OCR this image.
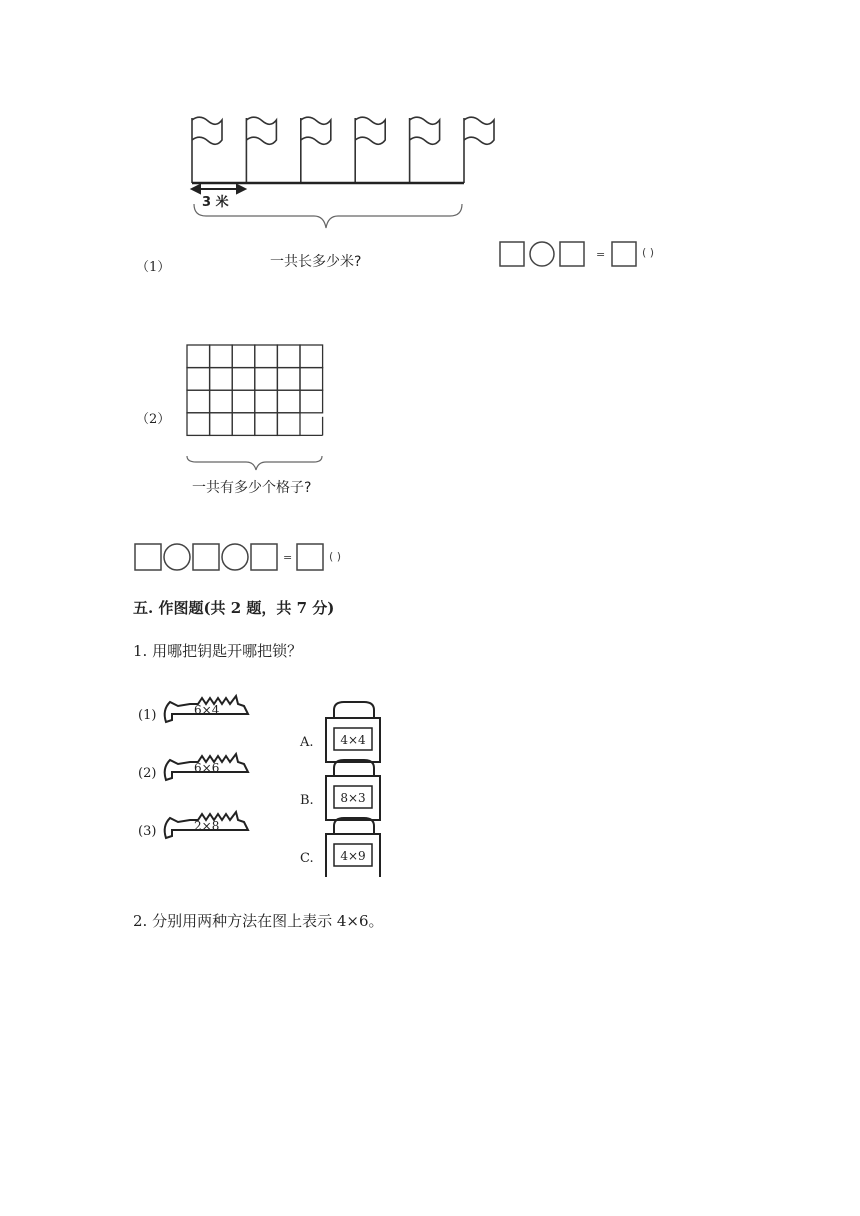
（1）
3 米
一共长多少米?	=	( )
（2）
一共有多少个格子?
=	( )
五. 作图题(共 2 题，共 7 分)
1. 用哪把钥匙开哪把锁？
(1)	6×4
(2)	6×6
(3)	2×8
A. 4×4
B. 8×3
C. 4×9
2. 分别用两种方法在图上表示 4×6。
